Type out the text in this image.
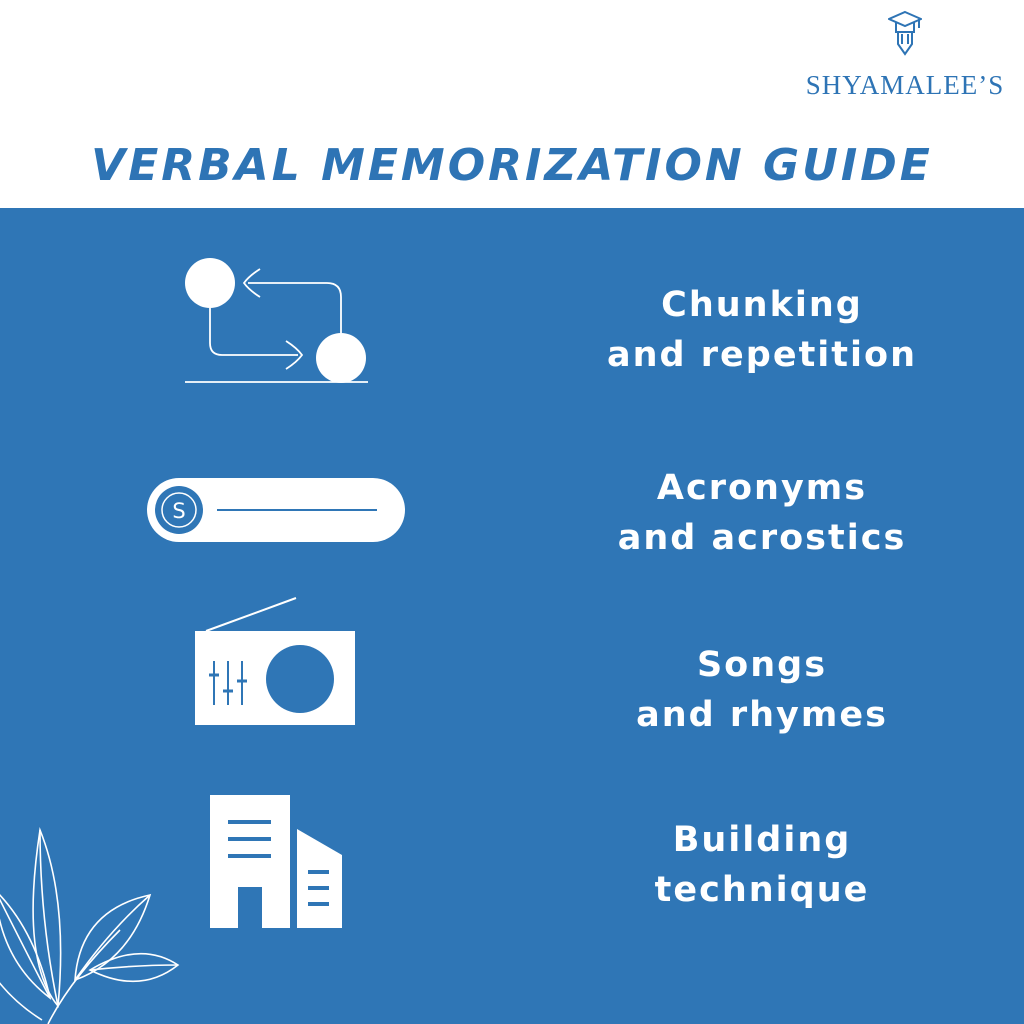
SHYAMALEE’S
VERBAL MEMORIZATION GUIDE
Chunking
and repetition
S
Acronyms
and acrostics
Songs
and rhymes
Building
technique
